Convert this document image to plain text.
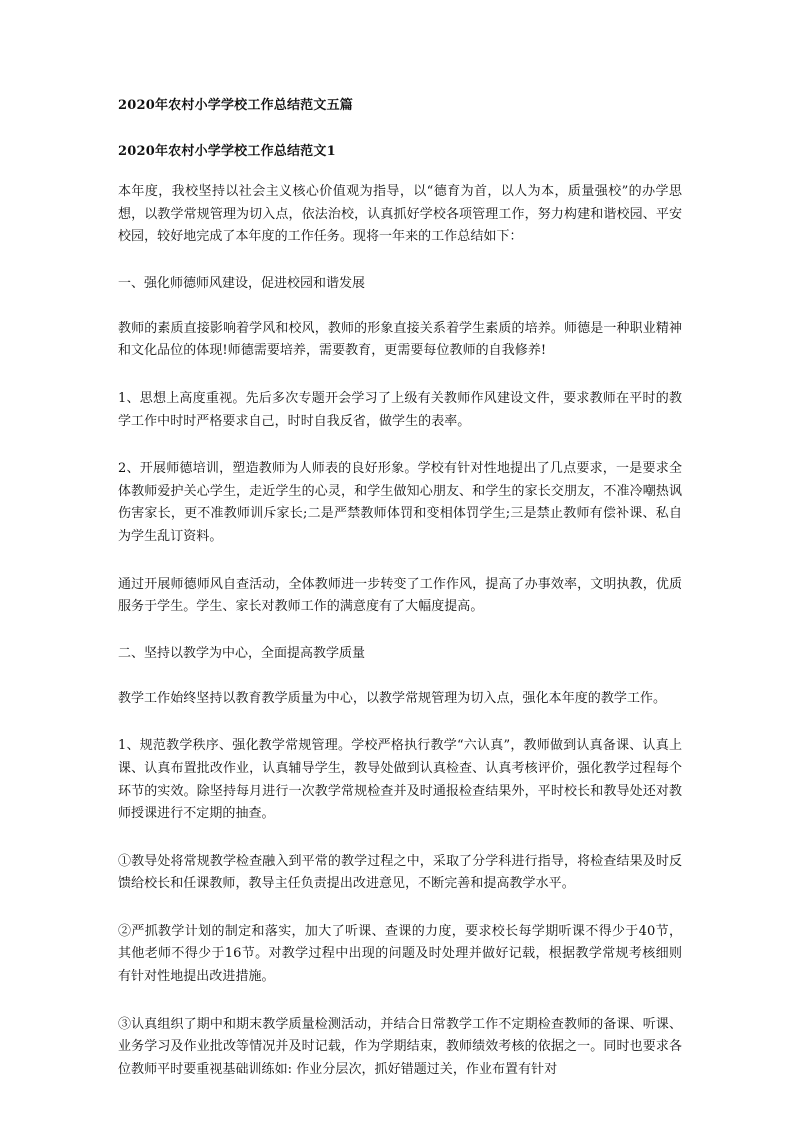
2020年农村小学学校工作总结范文五篇
2020年农村小学学校工作总结范文1

本年度，我校坚持以社会主义核心价值观为指导，以“德育为首，以人为本，质量强校”的办学思想，以教学常规管理为切入点，依法治校，认真抓好学校各项管理工作，努力构建和谐校园、平安校园，较好地完成了本年度的工作任务。现将一年来的工作总结如下：

一、强化师德师风建设，促进校园和谐发展

教师的素质直接影响着学风和校风，教师的形象直接关系着学生素质的培养。师德是一种职业精神和文化品位的体现!师德需要培养，需要教育，更需要每位教师的自我修养!

1、思想上高度重视。先后多次专题开会学习了上级有关教师作风建设文件，要求教师在平时的教学工作中时时严格要求自己，时时自我反省，做学生的表率。

2、开展师德培训，塑造教师为人师表的良好形象。学校有针对性地提出了几点要求，一是要求全体教师爱护关心学生，走近学生的心灵，和学生做知心朋友、和学生的家长交朋友，不准冷嘲热讽伤害家长，更不准教师训斥家长;二是严禁教师体罚和变相体罚学生;三是禁止教师有偿补课、私自为学生乱订资料。

通过开展师德师风自查活动，全体教师进一步转变了工作作风，提高了办事效率，文明执教，优质服务于学生。学生、家长对教师工作的满意度有了大幅度提高。

二、坚持以教学为中心，全面提高教学质量

教学工作始终坚持以教育教学质量为中心，以教学常规管理为切入点，强化本年度的教学工作。

1、规范教学秩序、强化教学常规管理。学校严格执行教学“六认真”，教师做到认真备课、认真上课、认真布置批改作业，认真辅导学生，教导处做到认真检查、认真考核评价，强化教学过程每个环节的实效。除坚持每月进行一次教学常规检查并及时通报检查结果外，平时校长和教导处还对教师授课进行不定期的抽查。

①教导处将常规教学检查融入到平常的教学过程之中，采取了分学科进行指导，将检查结果及时反馈给校长和任课教师，教导主任负责提出改进意见，不断完善和提高教学水平。

②严抓教学计划的制定和落实，加大了听课、查课的力度，要求校长每学期听课不得少于40节，其他老师不得少于16节。对教学过程中出现的问题及时处理并做好记载，根据教学常规考核细则有针对性地提出改进措施。

③认真组织了期中和期末教学质量检测活动，并结合日常教学工作不定期检查教师的备课、听课、业务学习及作业批改等情况并及时记载，作为学期结束，教师绩效考核的依据之一。同时也要求各位教师平时要重视基础训练如: 作业分层次，抓好错题过关，作业布置有针对
